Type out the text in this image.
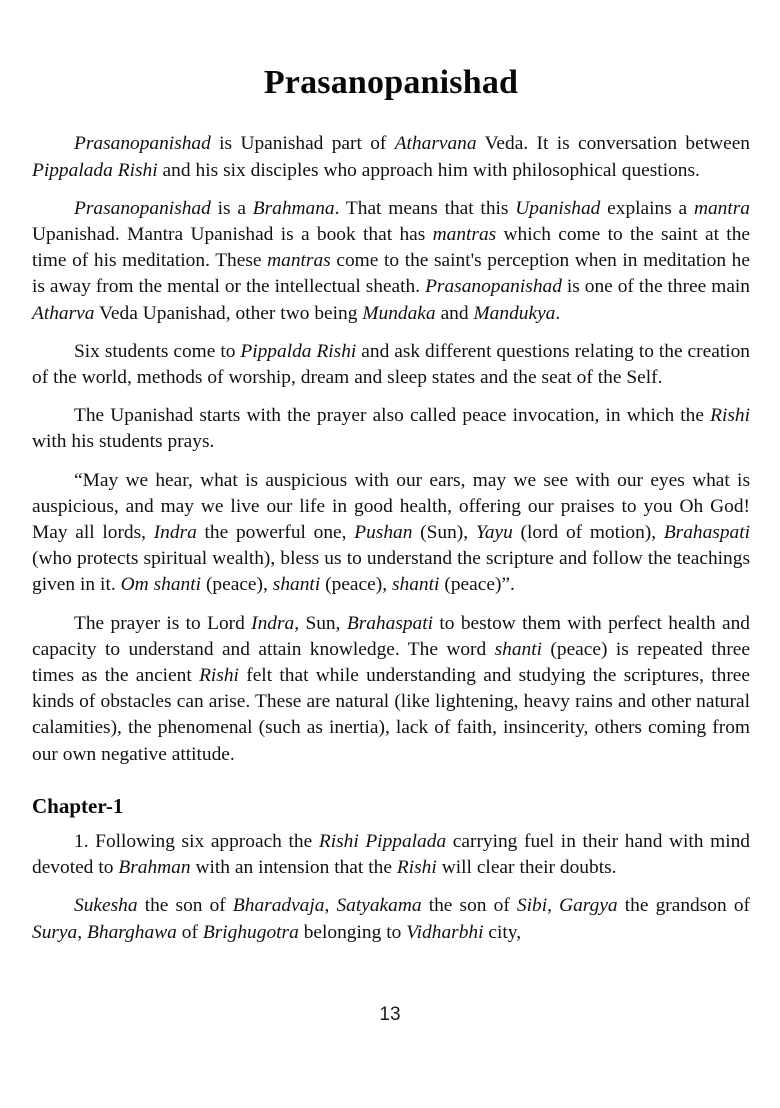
Prasanopanishad

Prasanopanishad is Upanishad part of Atharvana Veda. It is conversation between Pippalada Rishi and his six disciples who approach him with philosophical questions.

Prasanopanishad is a Brahmana. That means that this Upanishad explains a mantra Upanishad. Mantra Upanishad is a book that has mantras which come to the saint at the time of his meditation. These mantras come to the saint's perception when in meditation he is away from the mental or the intellectual sheath. Prasanopanishad is one of the three main Atharva Veda Upanishad, other two being Mundaka and Mandukya.

Six students come to Pippalda Rishi and ask different questions relating to the creation of the world, methods of worship, dream and sleep states and the seat of the Self.

The Upanishad starts with the prayer also called peace invocation, in which the Rishi with his students prays.

“May we hear, what is auspicious with our ears, may we see with our eyes what is auspicious, and may we live our life in good health, offering our praises to you Oh God! May all lords, Indra the powerful one, Pushan (Sun), Yayu (lord of motion), Brahaspati (who protects spiritual wealth), bless us to understand the scripture and follow the teachings given in it. Om shanti (peace), shanti (peace), shanti (peace)”.

The prayer is to Lord Indra, Sun, Brahaspati to bestow them with perfect health and capacity to understand and attain knowledge. The word shanti (peace) is repeated three times as the ancient Rishi felt that while understanding and studying the scriptures, three kinds of obstacles can arise. These are natural (like lightening, heavy rains and other natural calamities), the phenomenal (such as inertia), lack of faith, insincerity, others coming from our own negative attitude.

Chapter-1

1. Following six approach the Rishi Pippalada carrying fuel in their hand with mind devoted to Brahman with an intension that the Rishi will clear their doubts.

Sukesha the son of Bharadvaja, Satyakama the son of Sibi, Gargya the grandson of Surya, Bharghawa of Brighugotra belonging to Vidharbhi city,

13
